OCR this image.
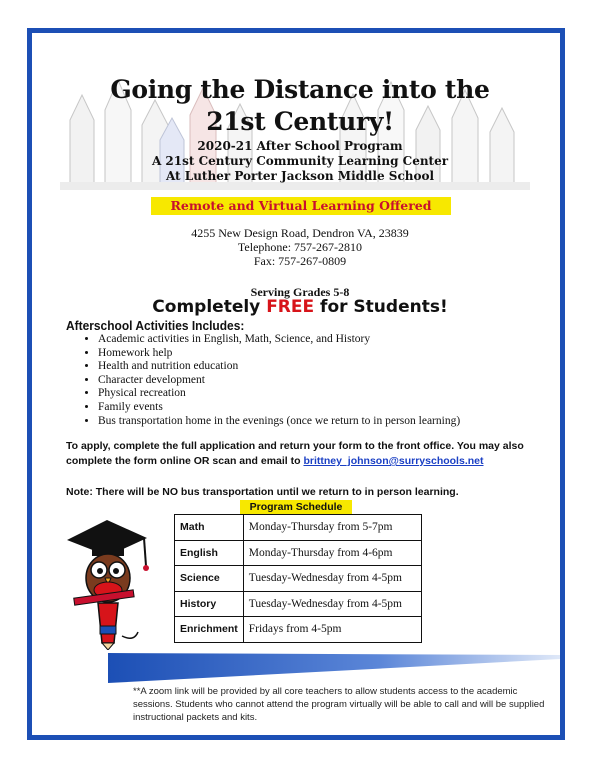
Going the Distance into the
21st Century!
2020-21 After School Program
A 21st Century Community Learning Center
At Luther Porter Jackson Middle School
Remote and Virtual Learning Offered
4255 New Design Road, Dendron VA, 23839
Telephone: 757-267-2810
Fax: 757-267-0809
Serving Grades 5-8
Completely FREE for Students!
Afterschool Activities Includes:
• Academic activities in English, Math, Science, and History
• Homework help
• Health and nutrition education
• Character development
• Physical recreation
• Family events
• Bus transportation home in the evenings (once we return to in person learning)
To apply, complete the full application and return your form to the front office. You may also complete the form online OR scan and email to brittney_johnson@surryschools.net
Note: There will be NO bus transportation until we return to in person learning.
Program Schedule
Math	Monday-Thursday from 5-7pm
English	Monday-Thursday from 4-6pm
Science	Tuesday-Wednesday from 4-5pm
History	Tuesday-Wednesday from 4-5pm
Enrichment	Fridays from 4-5pm
**A zoom link will be provided by all core teachers to allow students access to the academic sessions. Students who cannot attend the program virtually will be able to call and will be supplied instructional packets and kits.
